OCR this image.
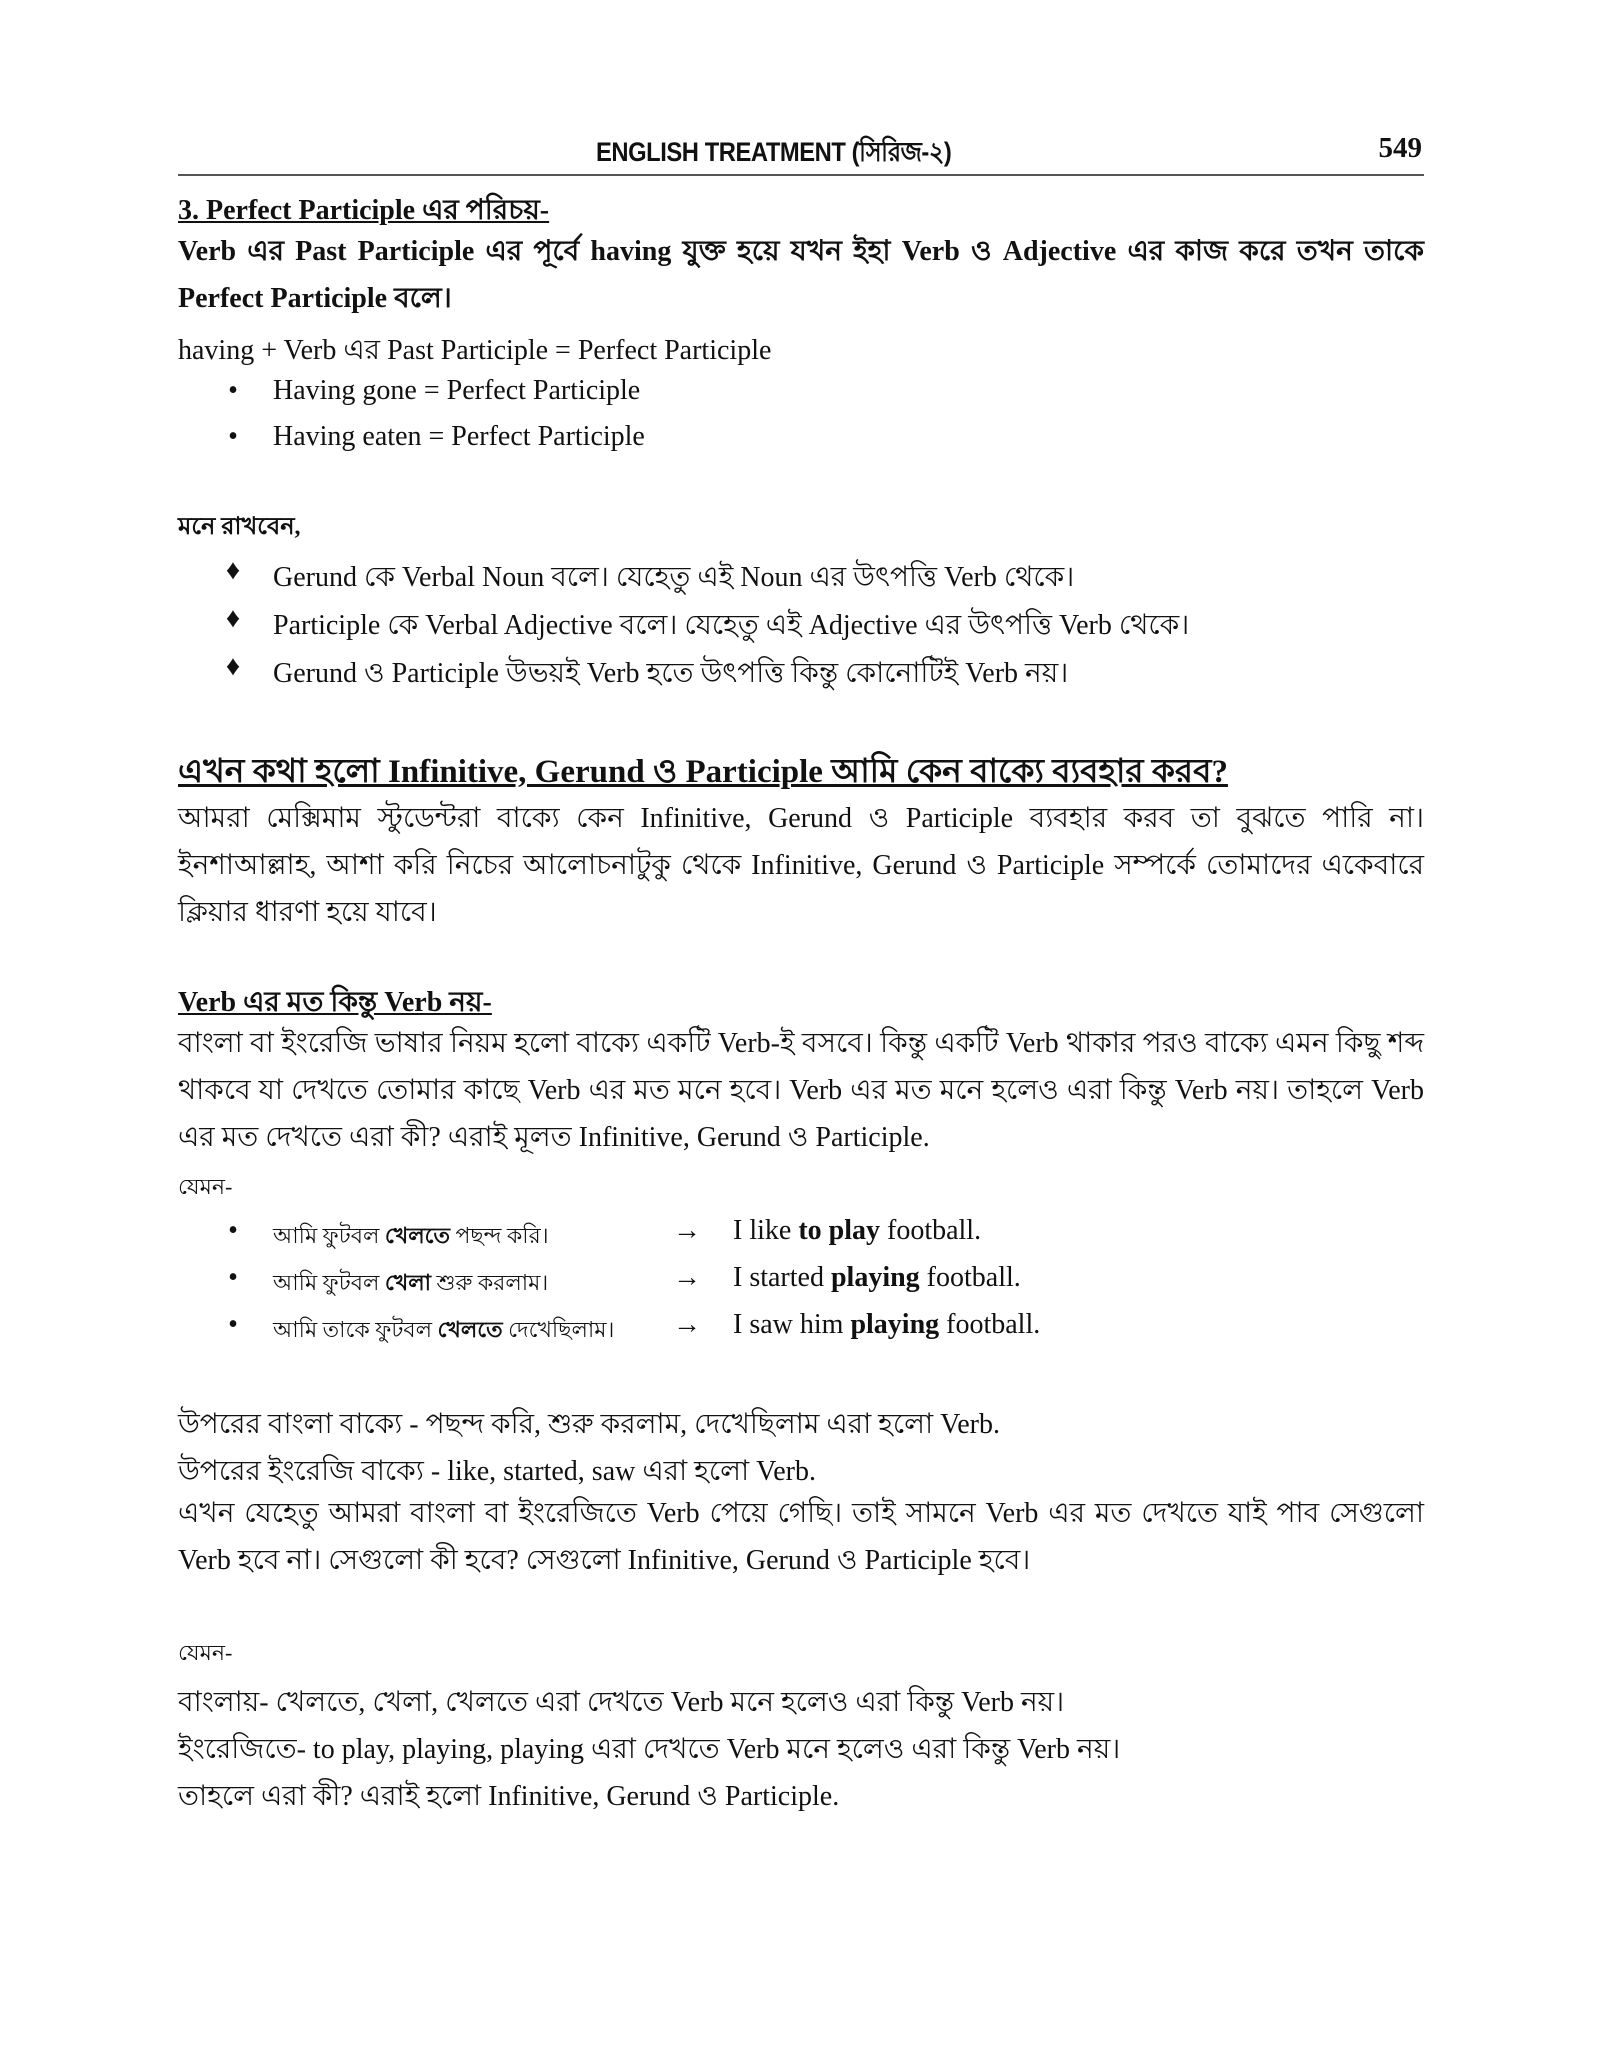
ENGLISH TREATMENT (সিরিজ-২)	549
3. Perfect Participle এর পরিচয়-
Verb এর Past Participle এর পূর্বে having যুক্ত হয়ে যখন ইহা Verb ও Adjective এর কাজ করে তখন তাকে Perfect Participle বলে।
having + Verb এর Past Participle = Perfect Participle
• Having gone = Perfect Participle
• Having eaten = Perfect Participle
মনে রাখবেন,
♦ Gerund কে Verbal Noun বলে। যেহেতু এই Noun এর উৎপত্তি Verb থেকে।
♦ Participle কে Verbal Adjective বলে। যেহেতু এই Adjective এর উৎপত্তি Verb থেকে।
♦ Gerund ও Participle উভয়ই Verb হতে উৎপত্তি কিন্তু কোনোটিই Verb নয়।
এখন কথা হলো Infinitive, Gerund ও Participle আমি কেন বাক্যে ব্যবহার করব?
আমরা মেক্সিমাম স্টুডেন্টরা বাক্যে কেন Infinitive, Gerund ও Participle ব্যবহার করব তা বুঝতে পারি না। ইনশাআল্লাহ, আশা করি নিচের আলোচনাটুকু থেকে Infinitive, Gerund ও Participle সম্পর্কে তোমাদের একেবারে ক্লিয়ার ধারণা হয়ে যাবে।
Verb এর মত কিন্তু Verb নয়-
বাংলা বা ইংরেজি ভাষার নিয়ম হলো বাক্যে একটি Verb-ই বসবে। কিন্তু একটি Verb থাকার পরও বাক্যে এমন কিছু শব্দ থাকবে যা দেখতে তোমার কাছে Verb এর মত মনে হবে। Verb এর মত মনে হলেও এরা কিন্তু Verb নয়। তাহলে Verb এর মত দেখতে এরা কী? এরাই মূলত Infinitive, Gerund ও Participle.
যেমন-
• আমি ফুটবল খেলতে পছন্দ করি।	→ I like to play football.
• আমি ফুটবল খেলা শুরু করলাম।	→ I started playing football.
• আমি তাকে ফুটবল খেলতে দেখেছিলাম। → I saw him playing football.
উপরের বাংলা বাক্যে - পছন্দ করি, শুরু করলাম, দেখেছিলাম এরা হলো Verb.
উপরের ইংরেজি বাক্যে - like, started, saw এরা হলো Verb.
এখন যেহেতু আমরা বাংলা বা ইংরেজিতে Verb পেয়ে গেছি। তাই সামনে Verb এর মত দেখতে যাই পাব সেগুলো Verb হবে না। সেগুলো কী হবে? সেগুলো Infinitive, Gerund ও Participle হবে।
যেমন-
বাংলায়- খেলতে, খেলা, খেলতে এরা দেখতে Verb মনে হলেও এরা কিন্তু Verb নয়।
ইংরেজিতে- to play, playing, playing এরা দেখতে Verb মনে হলেও এরা কিন্তু Verb নয়।
তাহলে এরা কী? এরাই হলো Infinitive, Gerund ও Participle.
